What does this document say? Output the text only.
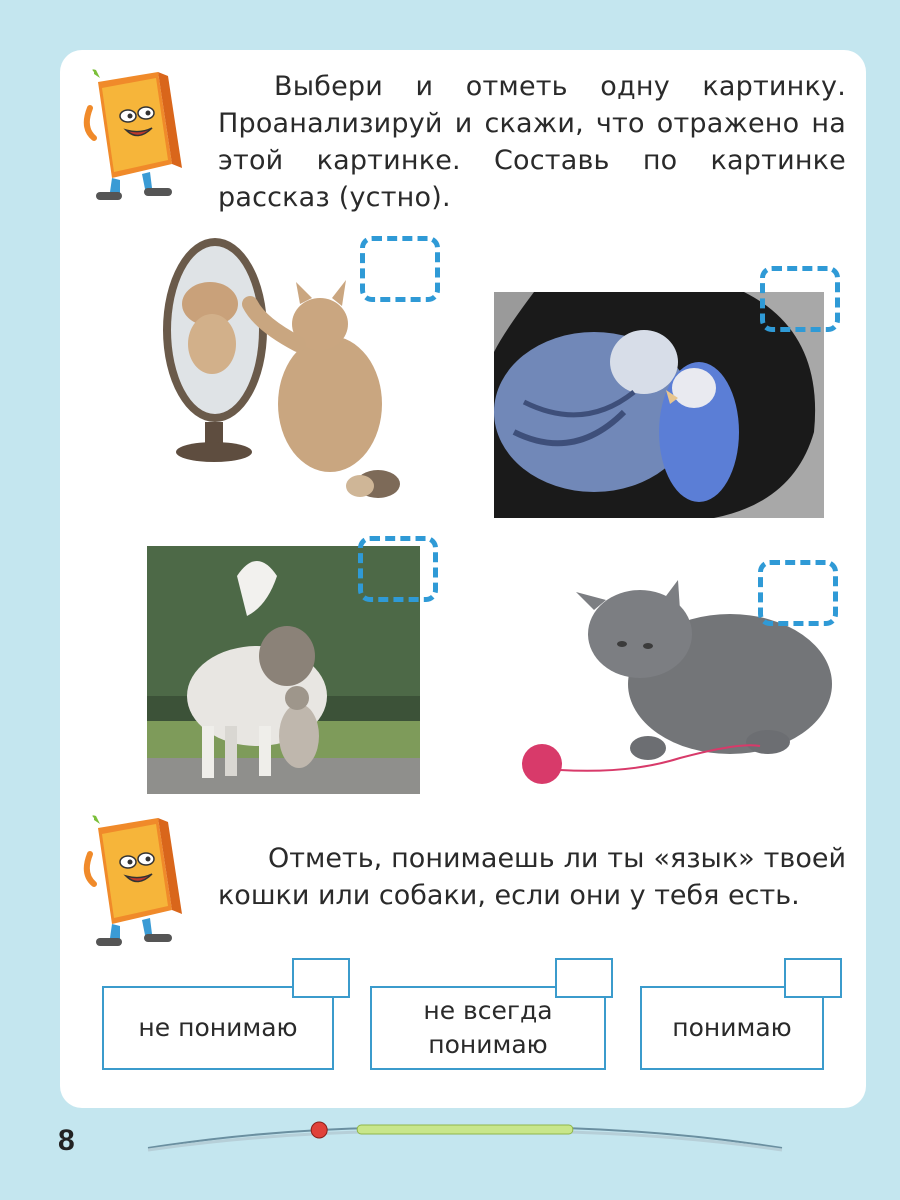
Выбери и отметь одну картинку. Проанализируй и скажи, что отражено на этой картинке. Составь по картинке рассказ (устно).
Отметь, понимаешь ли ты «язык» твоей кошки или собаки, если они у тебя есть.
не понимаю
не всегда понимаю
понимаю
8
